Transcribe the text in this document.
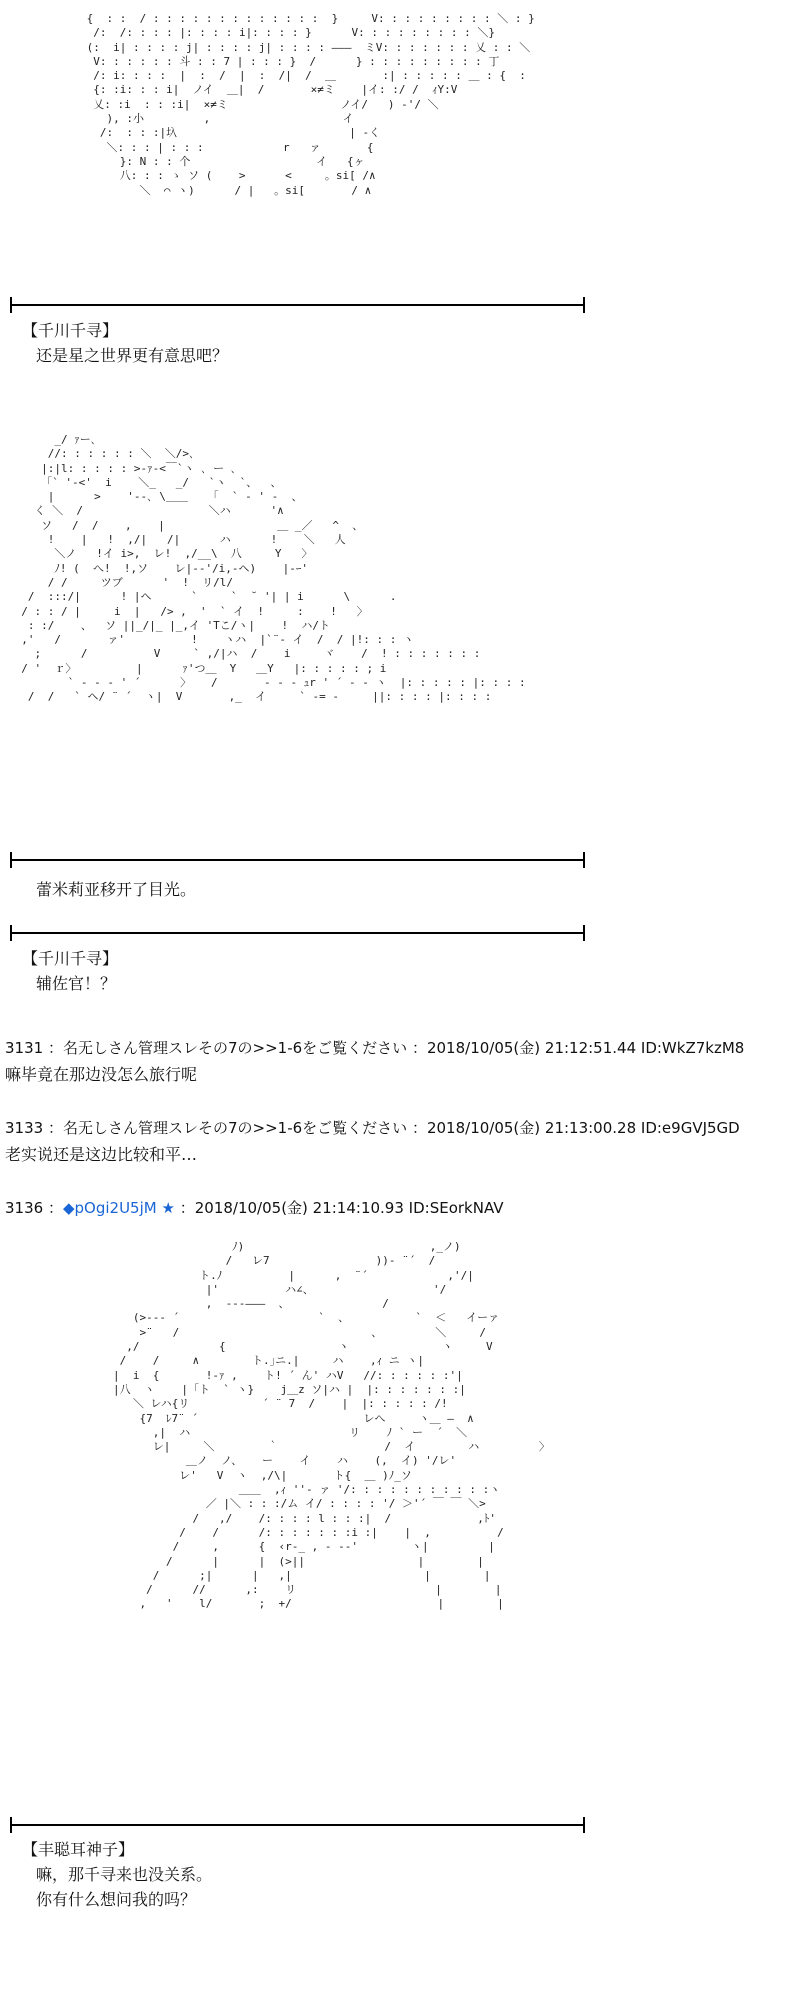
{  : :  / : : : : : : : : : : : : :  }     V: : : : : : : : : ＼ : }
/:  /: : : : |: : : : i|: : : : }      V: : : : : : : : : ＼}
(:  i| : : : : j| : : : : j| : : : : ―――  ミV: : : : : : : 乂 : : ＼
V: : : : : : 斗 : : 7 | : : : }  /      } : : : : : : : : : 丁
/: i: : : :  |  :  /  |  :  /|  /  ＿       :| : : : : : ＿ : {  :
{: :i: : : i|  ノイ  ＿|  /       ×≠ミ    |イ: :/ /  ｨY:V
乂: :i  : : :i|  ×≠ミ                 ノイ/   ) -'/ ＼
), :小         ,                    イ
/:  : : :|圦                          | -く
＼: : : | : : :            r   ァ       {
}: N : : 个                   イ   {ヶ
八: : : ゝ ソ (    >      <     。si[ /∧
＼  ⌒ ヽ)      / |   。si[       / ∧
【千川千寻】
还是星之世界更有意思吧？
_/ ｧー､
//: : : : : : ＼  ＼/>､
|:|l: : : : : >‐ｧ‐<￣`ヽ ､ ー ､
「` '‐<'  i    ＼_   _/   `ヽ  `、  、
|      >    '--､ \＿＿   「  ` ‐ ' -  、
く ＼  /                   ＼ハ      '∧
ソ   /  /    ,    |                 ＿ _／   ^  、
!    |   !  ,/|   /|      ハ      !    ＼   人
＼ノ   !イ i>,  レ!  ,/__\  八     Y   〉
ﾉ! (  へ!  !,ソ    レ|-‐'/i,-ヘ)    |-ｰ'
/ /     ツブ      '  !  リ/l/
/  :::/|      ! |ヘ      `     `  ˘ '| | i      \      .
/ : : / |     i  |   /> ,  '  ` イ  !     :    !   〉
: :/    、  ソ ||_/|_ |_,イ 'Tこ/ヽ|    !  ハ/ト
,'   /       ァ'          !    ヽハ  |`¨‐ イ  /  / |!: : : ヽ
;      /          V     ` ,/|ハ  /    i     ヾ    /  ! : : : : : : :
/ '  ｒ〉         |      ｧ'つ＿  Y   ＿Y   |: : : : : ; i
` ‐ - ‐ ' ´      〉   /       ‐ - ‐ ｭr ' ´ ‐ - ヽ  |: : : : : |: : : :
/  /   ` ヘ/ ¨ ´  ヽ|  V       ,_  イ     ` ‐= ‐     ||: : : : |: : : :
蕾米莉亚移开了目光。
【千川千寻】
辅佐官！？
3131 ：名无しさん管理スレその7の>>1-6をご覧ください ：2018/10/05(金) 21:12:51.44 ID:WkZ7kzM8
嘛毕竟在那边没怎么旅行呢
3133 ：名无しさん管理スレその7の>>1-6をご覧ください ：2018/10/05(金) 21:13:00.28 ID:e9GVJ5GD
老实说还是这边比较和平…
3136 ：◆pOgi2U5jM ★ ：2018/10/05(金) 21:14:10.93 ID:SEorkNAV
ﾉ)                            ,_ノ)
/   レ7                ))‐ ¨´  /
ト.ﾉ          |      ,  ¨´            ,'/|
|'          ハ∠、                  '/
,  ---―――  、              /
(>--‐ ´                     `  、          `  ＜   イーァ
>¨   /                             、        ＼     /
,/            {                 ヽ              ヽ     V
/    /     ∧        ト.｣ニ.|     ハ    ,ｨ ニ ヽ|
|  i  {       !‐ｧ ,    ト! ´ ん' ハV   //: : : : : :'|
|八  ヽ    |「ト  ` ヽ}    j＿z ソ|ハ |  |: : : : : : :|
＼ レハ{リ           ´ ¨ 7  /    |  |: : : : : /!
{7  ﾚ7¨ ´                         レへ     ヽ＿ ―  ∧
,|  ハ                        リ    ﾉ ` ー  ´  ＼
レ|     ＼        ｀                /  イ        ハ         〉
＿ノ  ノ、   ー    イ    ハ    (,  イ) '/レ'
レ'   V  ヽ  ,/\|       ト{  ＿ )ﾉ_ソ
＿＿  ,ｨ ''‐ ァ '/: : : : : : : : : : :ヽ
／ |＼ : : :/ム イ/ : : : : '/ ＞'´ ￣ ￣ ＼>
/   ,/    /: : : : l : : :|  /             ,ﾄ'
/    /      /: : : : : : :i :|    |  ,          /
/     ,      {  ‹r-_ , ‐ -‐'        ヽ|         |
/      |      |  (>||                 |        |
/      ;|      |   ,|                    |        |
/      //      ,:    リ                     |        |
,   '    l/       ;  +/                      |        |
【丰聪耳神子】
嘛，那千寻来也没关系。
你有什么想问我的吗？
